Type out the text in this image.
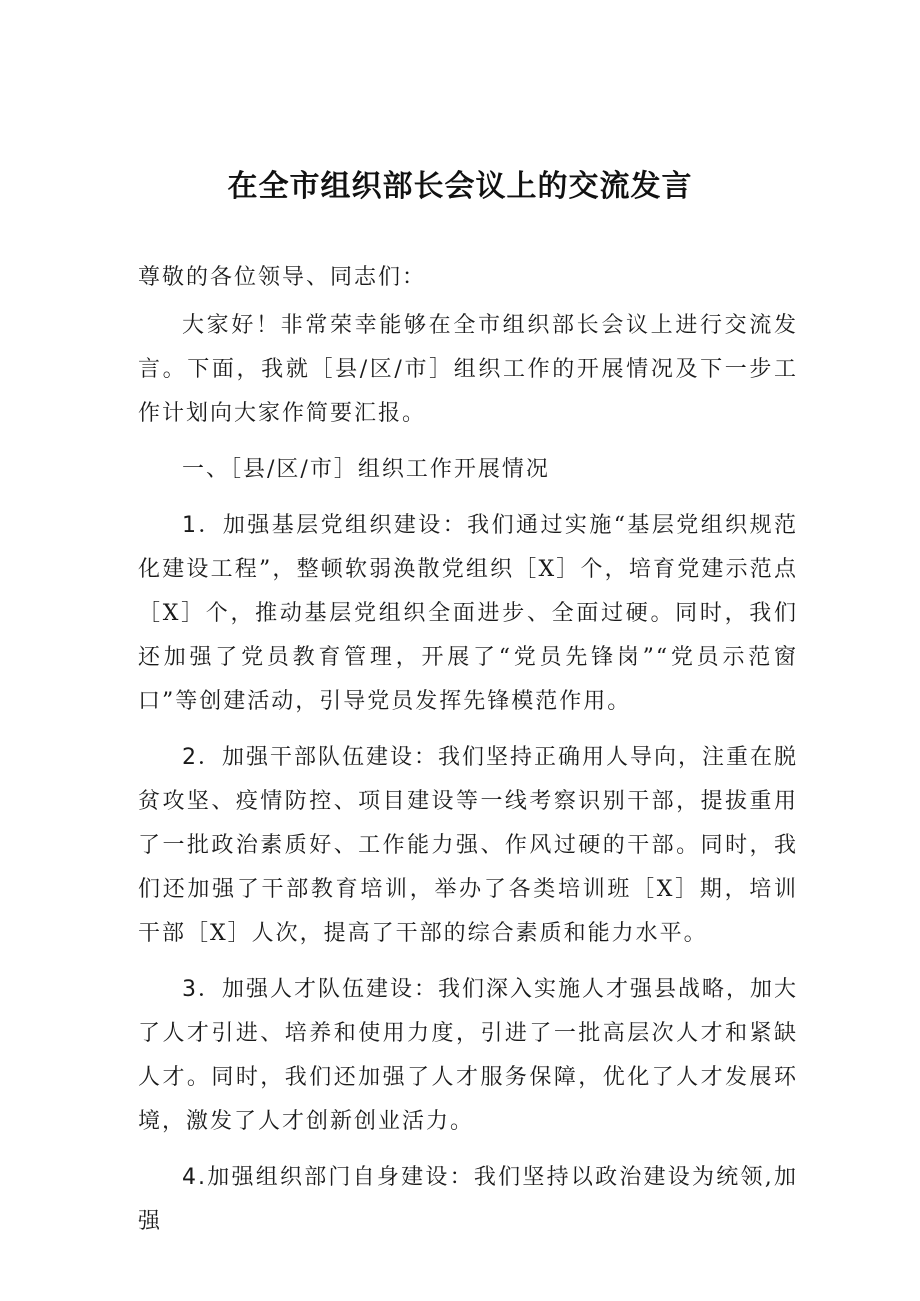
在全市组织部长会议上的交流发言

尊敬的各位领导、同志们：

大家好！非常荣幸能够在全市组织部长会议上进行交流发言。下面，我就［县/区/市］组织工作的开展情况及下一步工作计划向大家作简要汇报。

一、［县/区/市］组织工作开展情况

1．加强基层党组织建设：我们通过实施“基层党组织规范化建设工程”，整顿软弱涣散党组织［X］个，培育党建示范点［X］个，推动基层党组织全面进步、全面过硬。同时，我们还加强了党员教育管理，开展了“党员先锋岗”“党员示范窗口”等创建活动，引导党员发挥先锋模范作用。

2．加强干部队伍建设：我们坚持正确用人导向，注重在脱贫攻坚、疫情防控、项目建设等一线考察识别干部，提拔重用了一批政治素质好、工作能力强、作风过硬的干部。同时，我们还加强了干部教育培训，举办了各类培训班［X］期，培训干部［X］人次，提高了干部的综合素质和能力水平。

3．加强人才队伍建设：我们深入实施人才强县战略，加大了人才引进、培养和使用力度，引进了一批高层次人才和紧缺人才。同时，我们还加强了人才服务保障，优化了人才发展环境，激发了人才创新创业活力。

4.加强组织部门自身建设：我们坚持以政治建设为统领,加强
